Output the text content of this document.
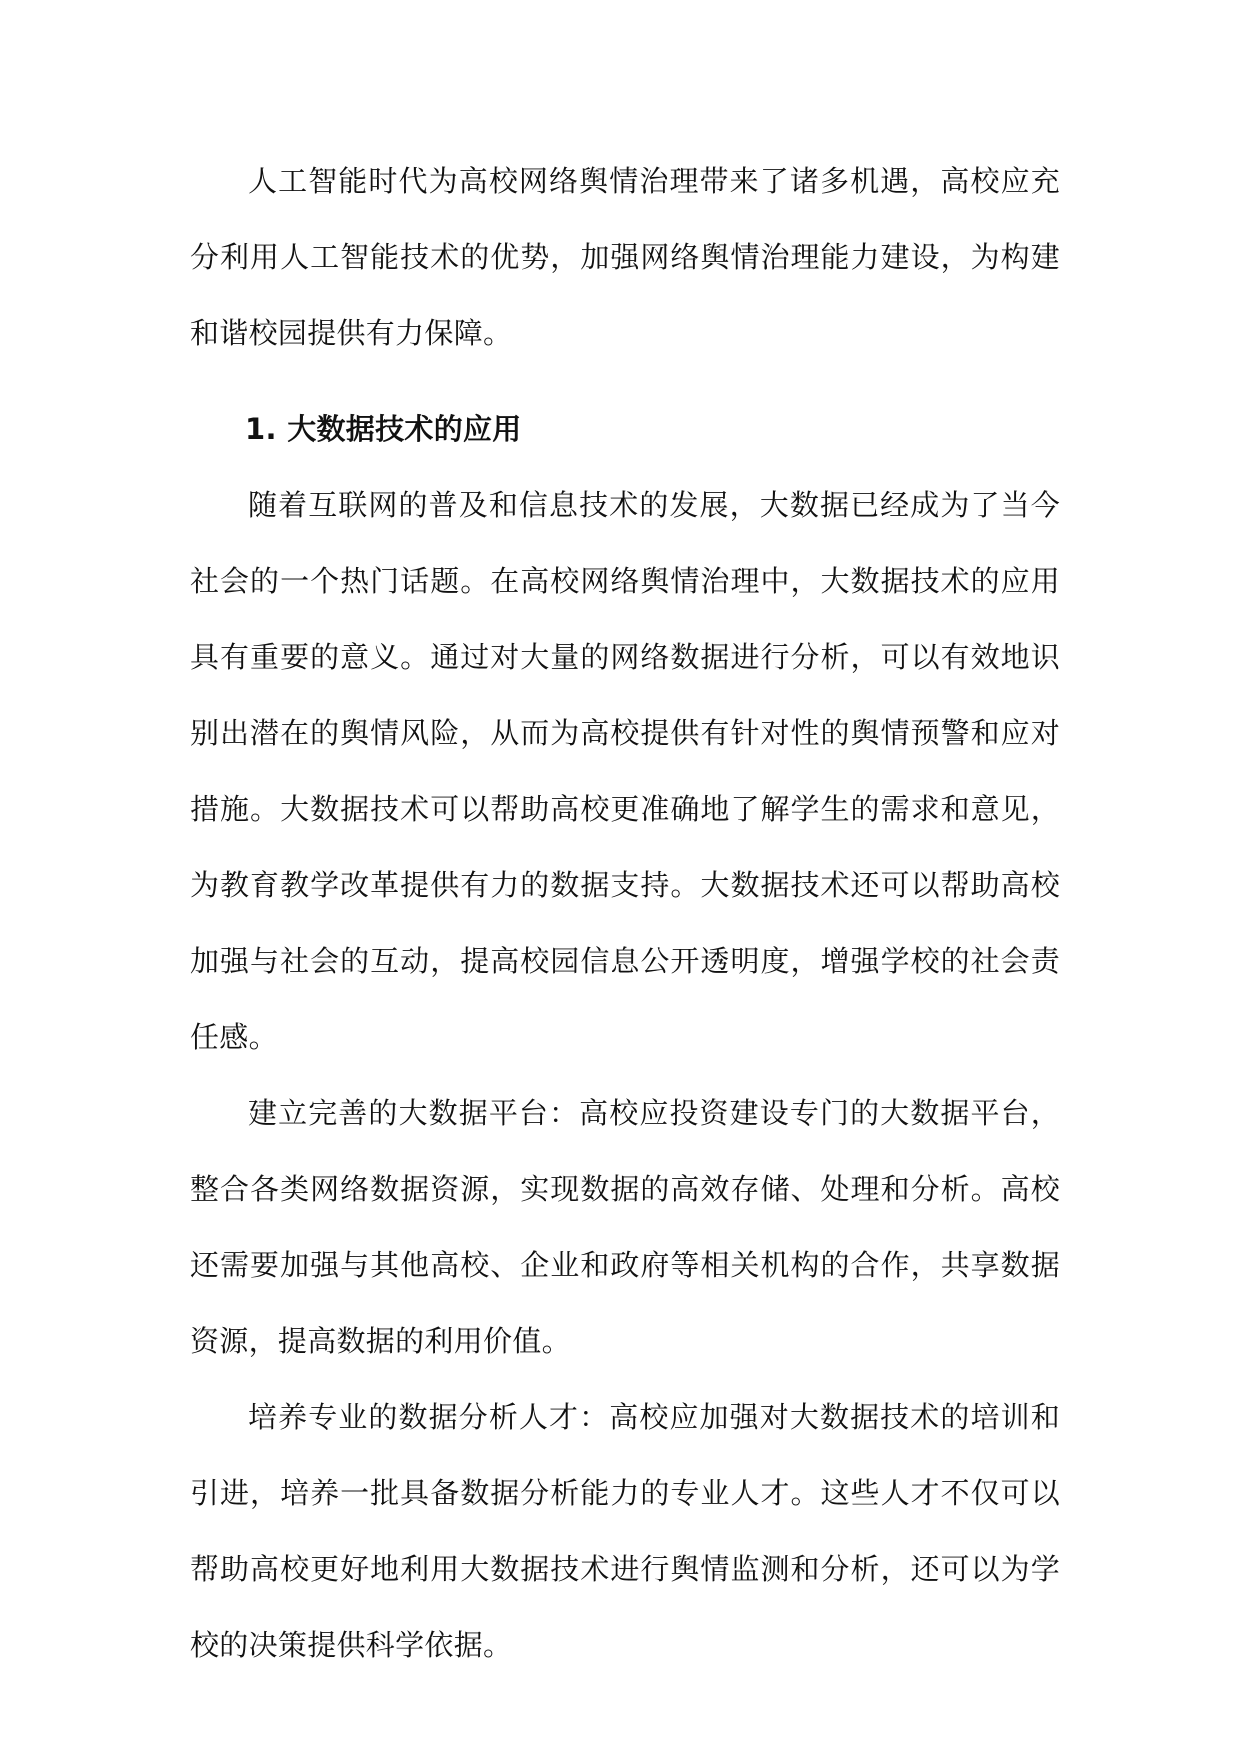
人工智能时代为高校网络舆情治理带来了诸多机遇，高校应充分利用人工智能技术的优势，加强网络舆情治理能力建设，为构建和谐校园提供有力保障。

1. 大数据技术的应用

随着互联网的普及和信息技术的发展，大数据已经成为了当今社会的一个热门话题。在高校网络舆情治理中，大数据技术的应用具有重要的意义。通过对大量的网络数据进行分析，可以有效地识别出潜在的舆情风险，从而为高校提供有针对性的舆情预警和应对措施。大数据技术可以帮助高校更准确地了解学生的需求和意见，为教育教学改革提供有力的数据支持。大数据技术还可以帮助高校加强与社会的互动，提高校园信息公开透明度，增强学校的社会责任感。

建立完善的大数据平台：高校应投资建设专门的大数据平台，整合各类网络数据资源，实现数据的高效存储、处理和分析。高校还需要加强与其他高校、企业和政府等相关机构的合作，共享数据资源，提高数据的利用价值。

培养专业的数据分析人才：高校应加强对大数据技术的培训和引进，培养一批具备数据分析能力的专业人才。这些人才不仅可以帮助高校更好地利用大数据技术进行舆情监测和分析，还可以为学校的决策提供科学依据。
